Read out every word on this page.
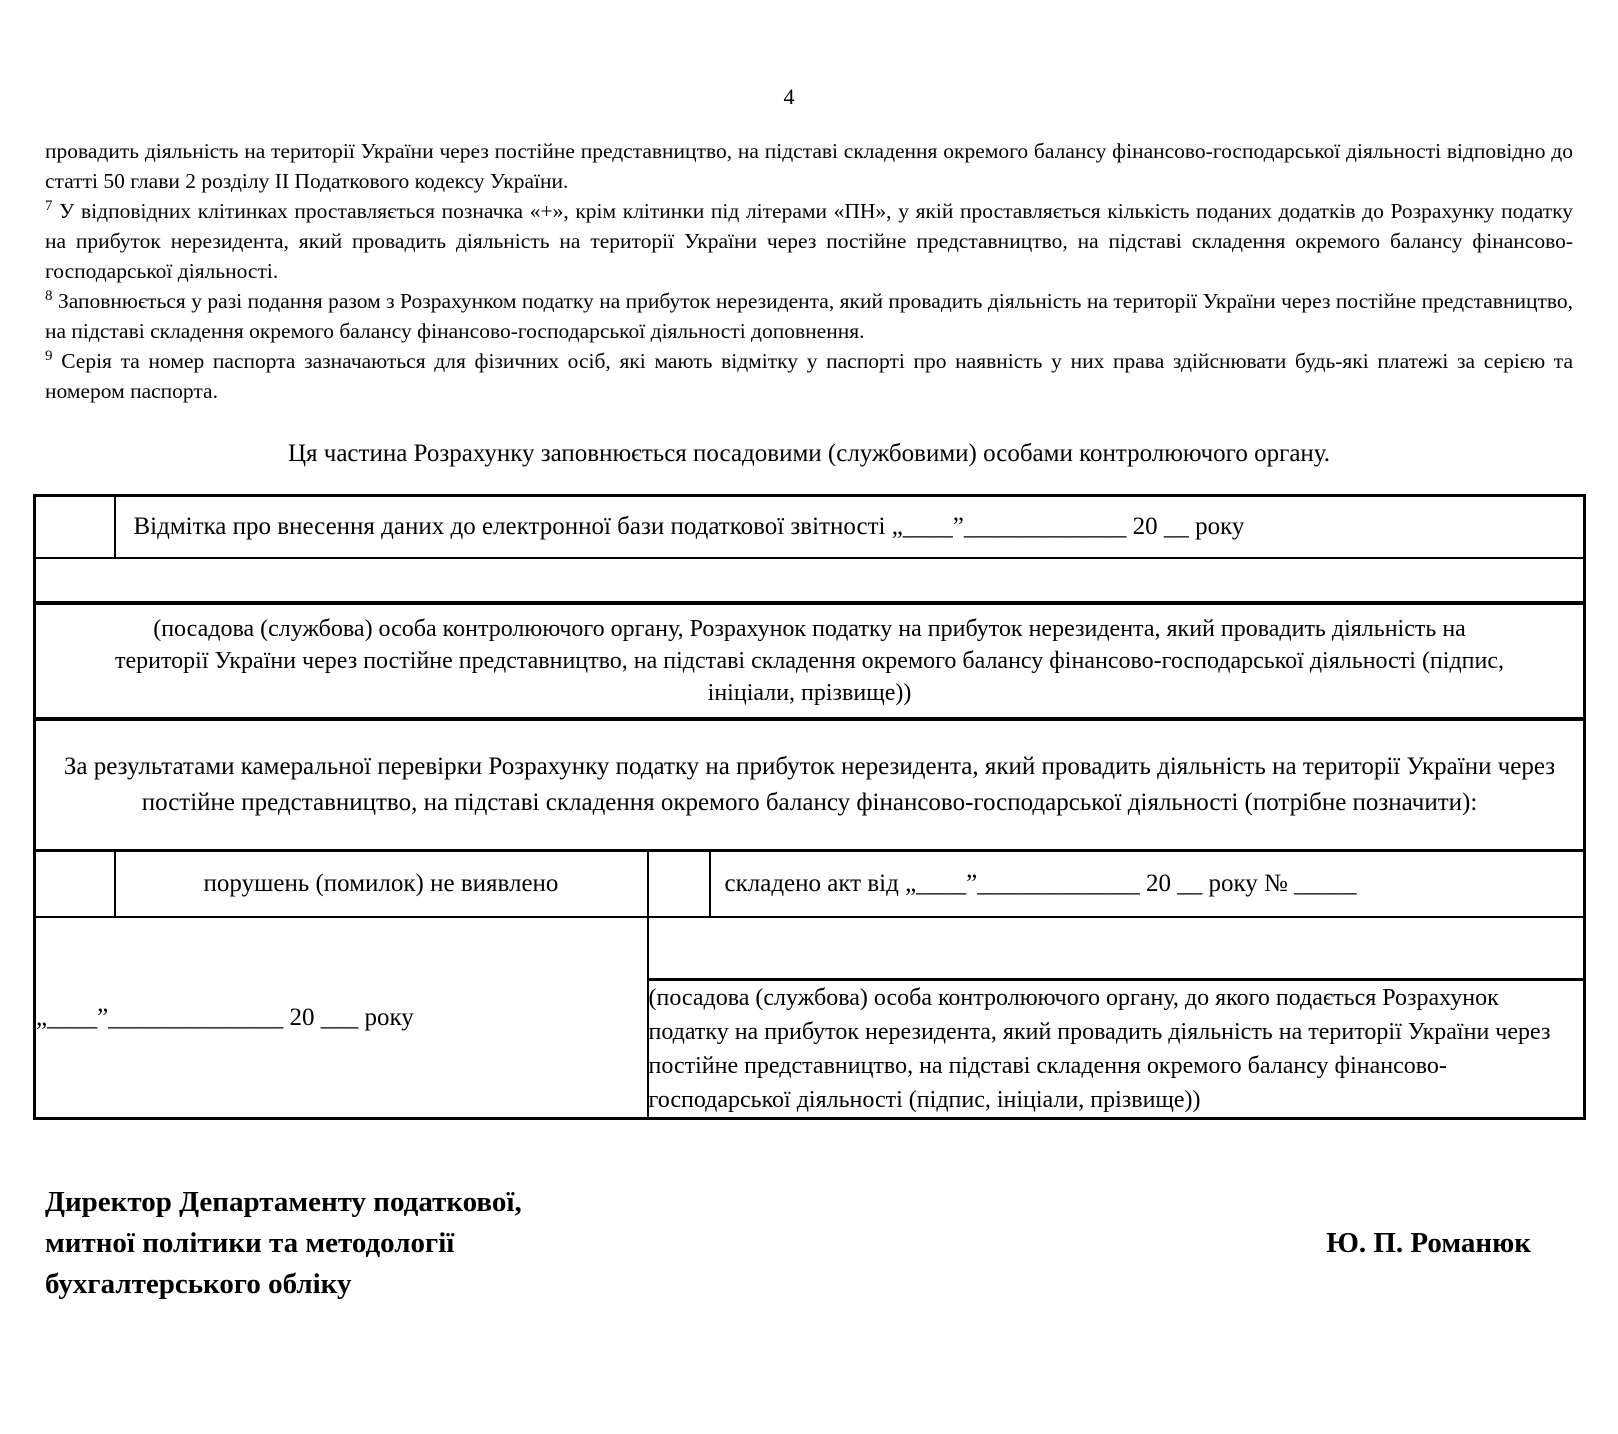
4

провадить діяльність на території України через постійне представництво, на підставі складення окремого балансу фінансово-господарської діяльності відповідно до статті 50 глави 2 розділу ІІ Податкового кодексу України.

$^7$ У відповідних клітинках проставляється позначка «+», крім клітинки під літерами «ПН», у якій проставляється кількість поданих додатків до Розрахунку податку на прибуток нерезидента, який провадить діяльність на території України через постійне представництво, на підставі складення окремого балансу фінансово-господарської діяльності.

$^8$ Заповнюється у разі подання разом з Розрахунком податку на прибуток нерезидента, який провадить діяльність на території України через постійне представництво, на підставі складення окремого балансу фінансово-господарської діяльності доповнення.

$^9$ Серія та номер паспорта зазначаються для фізичних осіб, які мають відмітку у паспорті про наявність у них права здійснювати будь-які платежі за серією та номером паспорта.

Ця частина Розрахунку заповнюється посадовими (службовими) особами контролюючого органу.
	Відмітка про внесення даних до електронної бази податкової звітності „____”_____________ 20 __ року		

(посадова (службова) особа контролюючого органу, Розрахунок податку на прибуток нерезидента, який провадить діяльність на території України через постійне представництво, на підставі складення окремого балансу фінансово-господарської діяльності (підпис, ініціали, прізвище))			
За результатами камеральної перевірки Розрахунку податку на прибуток нерезидента, який провадить діяльність на території України через постійне представництво, на підставі складення окремого балансу фінансово-господарської діяльності (потрібне позначити):			
	порушень (помилок) не виявлено		складено акт від „____”_____________ 20 __ року № _____
„____”______________ 20 ___ року			
		(посадова (службова) особа контролюючого органу, до якого подається Розрахунок податку на прибуток нерезидента, який провадить діяльність на території України через постійне представництво, на підставі складення окремого балансу фінансово-господарської діяльності (підпис, ініціали, прізвище))	
Директор Департаменту податкової,
митної політики та методології
бухгалтерського обліку
Ю. П. Романюк
